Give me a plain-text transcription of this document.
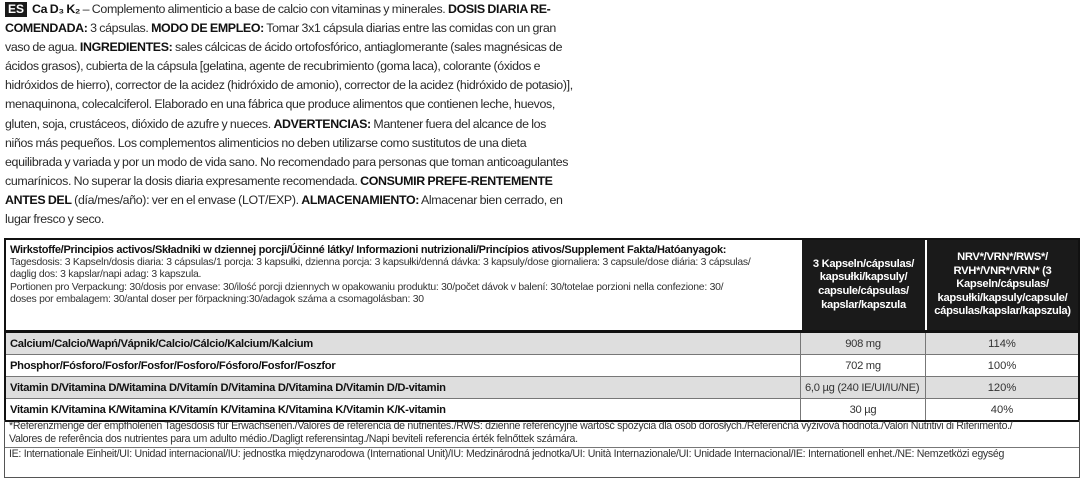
ES Ca D₃ K₂ – Complemento alimenticio a base de calcio con vitaminas y minerales. DOSIS DIARIA RE-COMENDADA: 3 cápsulas. MODO DE EMPLEO: Tomar 3x1 cápsula diarias entre las comidas con un gran vaso de agua. INGREDIENTES: sales cálcicas de ácido ortofosfórico, antiaglomerante (sales magnésicas de ácidos grasos), cubierta de la cápsula [gelatina, agente de recubrimiento (goma laca), colorante (óxidos e hidróxidos de hierro), corrector de la acidez (hidróxido de amonio), corrector de la acidez (hidróxido de potasio)], menaquinona, colecalciferol. Elaborado en una fábrica que produce alimentos que contienen leche, huevos, gluten, soja, crustáceos, dióxido de azufre y nueces. ADVERTENCIAS: Mantener fuera del alcance de los niños más pequeños. Los complementos alimenticios no deben utilizarse como sustitutos de una dieta equilibrada y variada y por un modo de vida sano. No recomendado para personas que toman anticoagulantes cumarínicos. No superar la dosis diaria expresamente recomendada. CONSUMIR PREFE-RENTEMENTE ANTES DEL (día/mes/año): ver en el envase (LOT/EXP). ALMACENAMIENTO: Almacenar bien cerrado, en lugar fresco y seco.
Wirkstoffe/Principios activos/Składniki w dziennej porcji/Účinné látky/ Informazioni nutrizionali/Princípios ativos/Supplement Fakta/Hatóanyagok:
Tagesdosis: 3 Kapseln/dosis diaria: 3 cápsulas/1 porcja: 3 kapsułki, dzienna porcja: 3 kapsułki/denná dávka: 3 kapsuly/dose giornaliera: 3 capsule/dose diária: 3 cápsulas/
daglig dos: 3 kapslar/napi adag: 3 kapszula.
Portionen pro Verpackung: 30/dosis por envase: 30/ilość porcji dziennych w opakowaniu produktu: 30/počet dávok v balení: 30/totelae porzioni nella confezione: 30/
doses por embalagem: 30/antal doser per förpackning:30/adagok száma a csomagolásban: 30
3 Kapseln/cápsulas/ kapsułki/kapsuly/ capsule/cápsulas/ kapslar/kapszula
NRV*/VRN*/RWS*/ RVH*/VNR*/VRN* (3 Kapseln/cápsulas/ kapsułki/kapsuly/capsule/ cápsulas/kapslar/kapszula)
Calcium/Calcio/Wapń/Vápnik/Calcio/Cálcio/Kalcium/Kalcium	908 mg	114%
Phosphor/Fósforo/Fosfor/Fosfor/Fosforo/Fósforo/Fosfor/Foszfor	702 mg	100%
Vitamin D/Vitamina D/Witamina D/Vitamín D/Vitamina D/Vitamina D/Vitamin D/D-vitamin	6,0 µg (240 IE/UI/IU/NE)	120%
Vitamin K/Vitamina K/Witamina K/Vitamín K/Vitamina K/Vitamina K/Vitamin K/K-vitamin	30 µg	40%
*Referenzmenge der empfholenen Tagesdosis für Erwachsenen./Valores de referencia de nutrientes./RWS: dzienne referencyjne wartość spożycia dla osób dorosłych./Referenčná výživová hodnota./Valori Nutritivi di Riferimento./
Valores de referência dos nutrientes para um adulto médio./Dagligt referensintag./Napi beviteli referencia érték felnőttek számára.
IE: Internationale Einheit/UI: Unidad internacional/IU: jednostka międzynarodowa (International Unit)/IU: Medzinárodná jednotka/UI: Unità Internazionale/UI: Unidade Internacional/IE: Internationell enhet./NE: Nemzetközi egység
